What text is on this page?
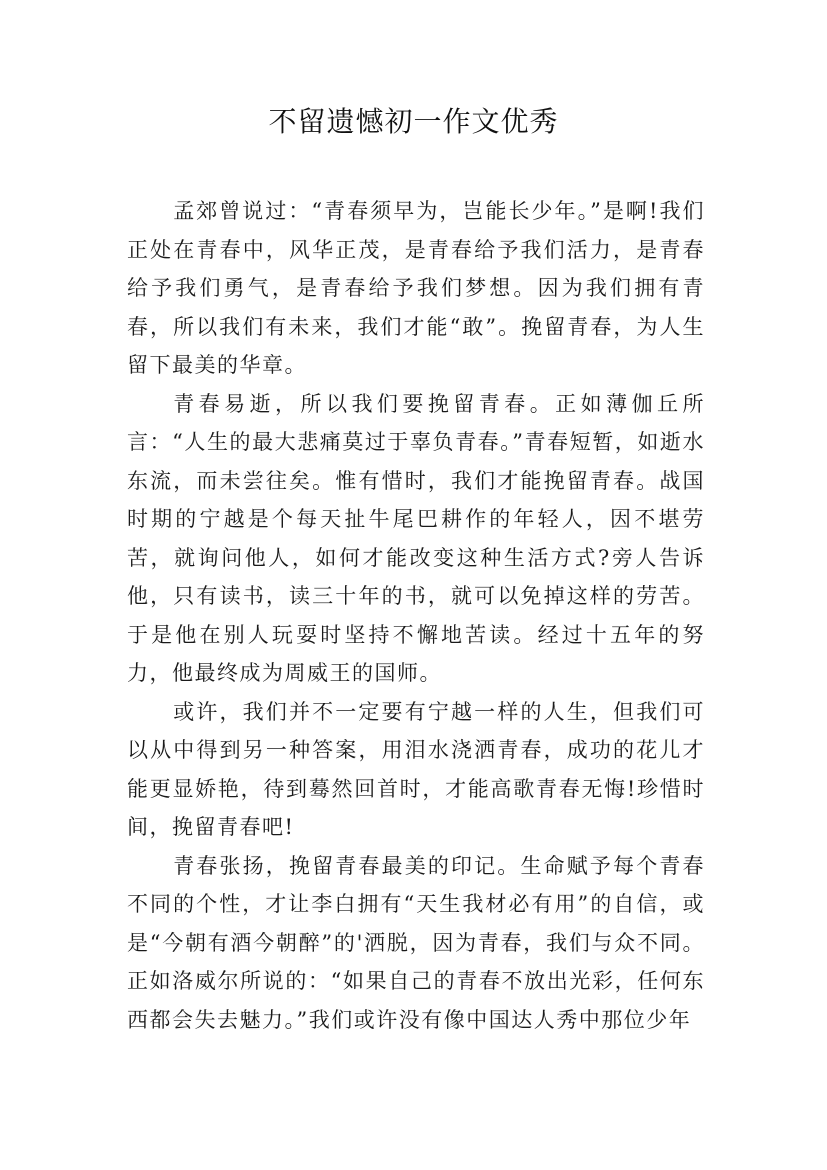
不留遗憾初一作文优秀

孟郊曾说过：“青春须早为，岂能长少年。”是啊!我们正处在青春中，风华正茂，是青春给予我们活力，是青春给予我们勇气，是青春给予我们梦想。因为我们拥有青春，所以我们有未来，我们才能“敢”。挽留青春，为人生留下最美的华章。

青春易逝，所以我们要挽留青春。正如薄伽丘所言：“人生的最大悲痛莫过于辜负青春。”青春短暂，如逝水东流，而未尝往矣。惟有惜时，我们才能挽留青春。战国时期的宁越是个每天扯牛尾巴耕作的年轻人，因不堪劳苦，就询问他人，如何才能改变这种生活方式?旁人告诉他，只有读书，读三十年的书，就可以免掉这样的劳苦。于是他在别人玩耍时坚持不懈地苦读。经过十五年的努力，他最终成为周威王的国师。

或许，我们并不一定要有宁越一样的人生，但我们可以从中得到另一种答案，用泪水浇洒青春，成功的花儿才能更显娇艳，待到蓦然回首时，才能高歌青春无悔!珍惜时间，挽留青春吧!

青春张扬，挽留青春最美的印记。生命赋予每个青春不同的个性，才让李白拥有“天生我材必有用”的自信，或是“今朝有酒今朝醉”的'洒脱，因为青春，我们与众不同。正如洛威尔所说的：“如果自己的青春不放出光彩，任何东西都会失去魅力。”我们或许没有像中国达人秀中那位少年
